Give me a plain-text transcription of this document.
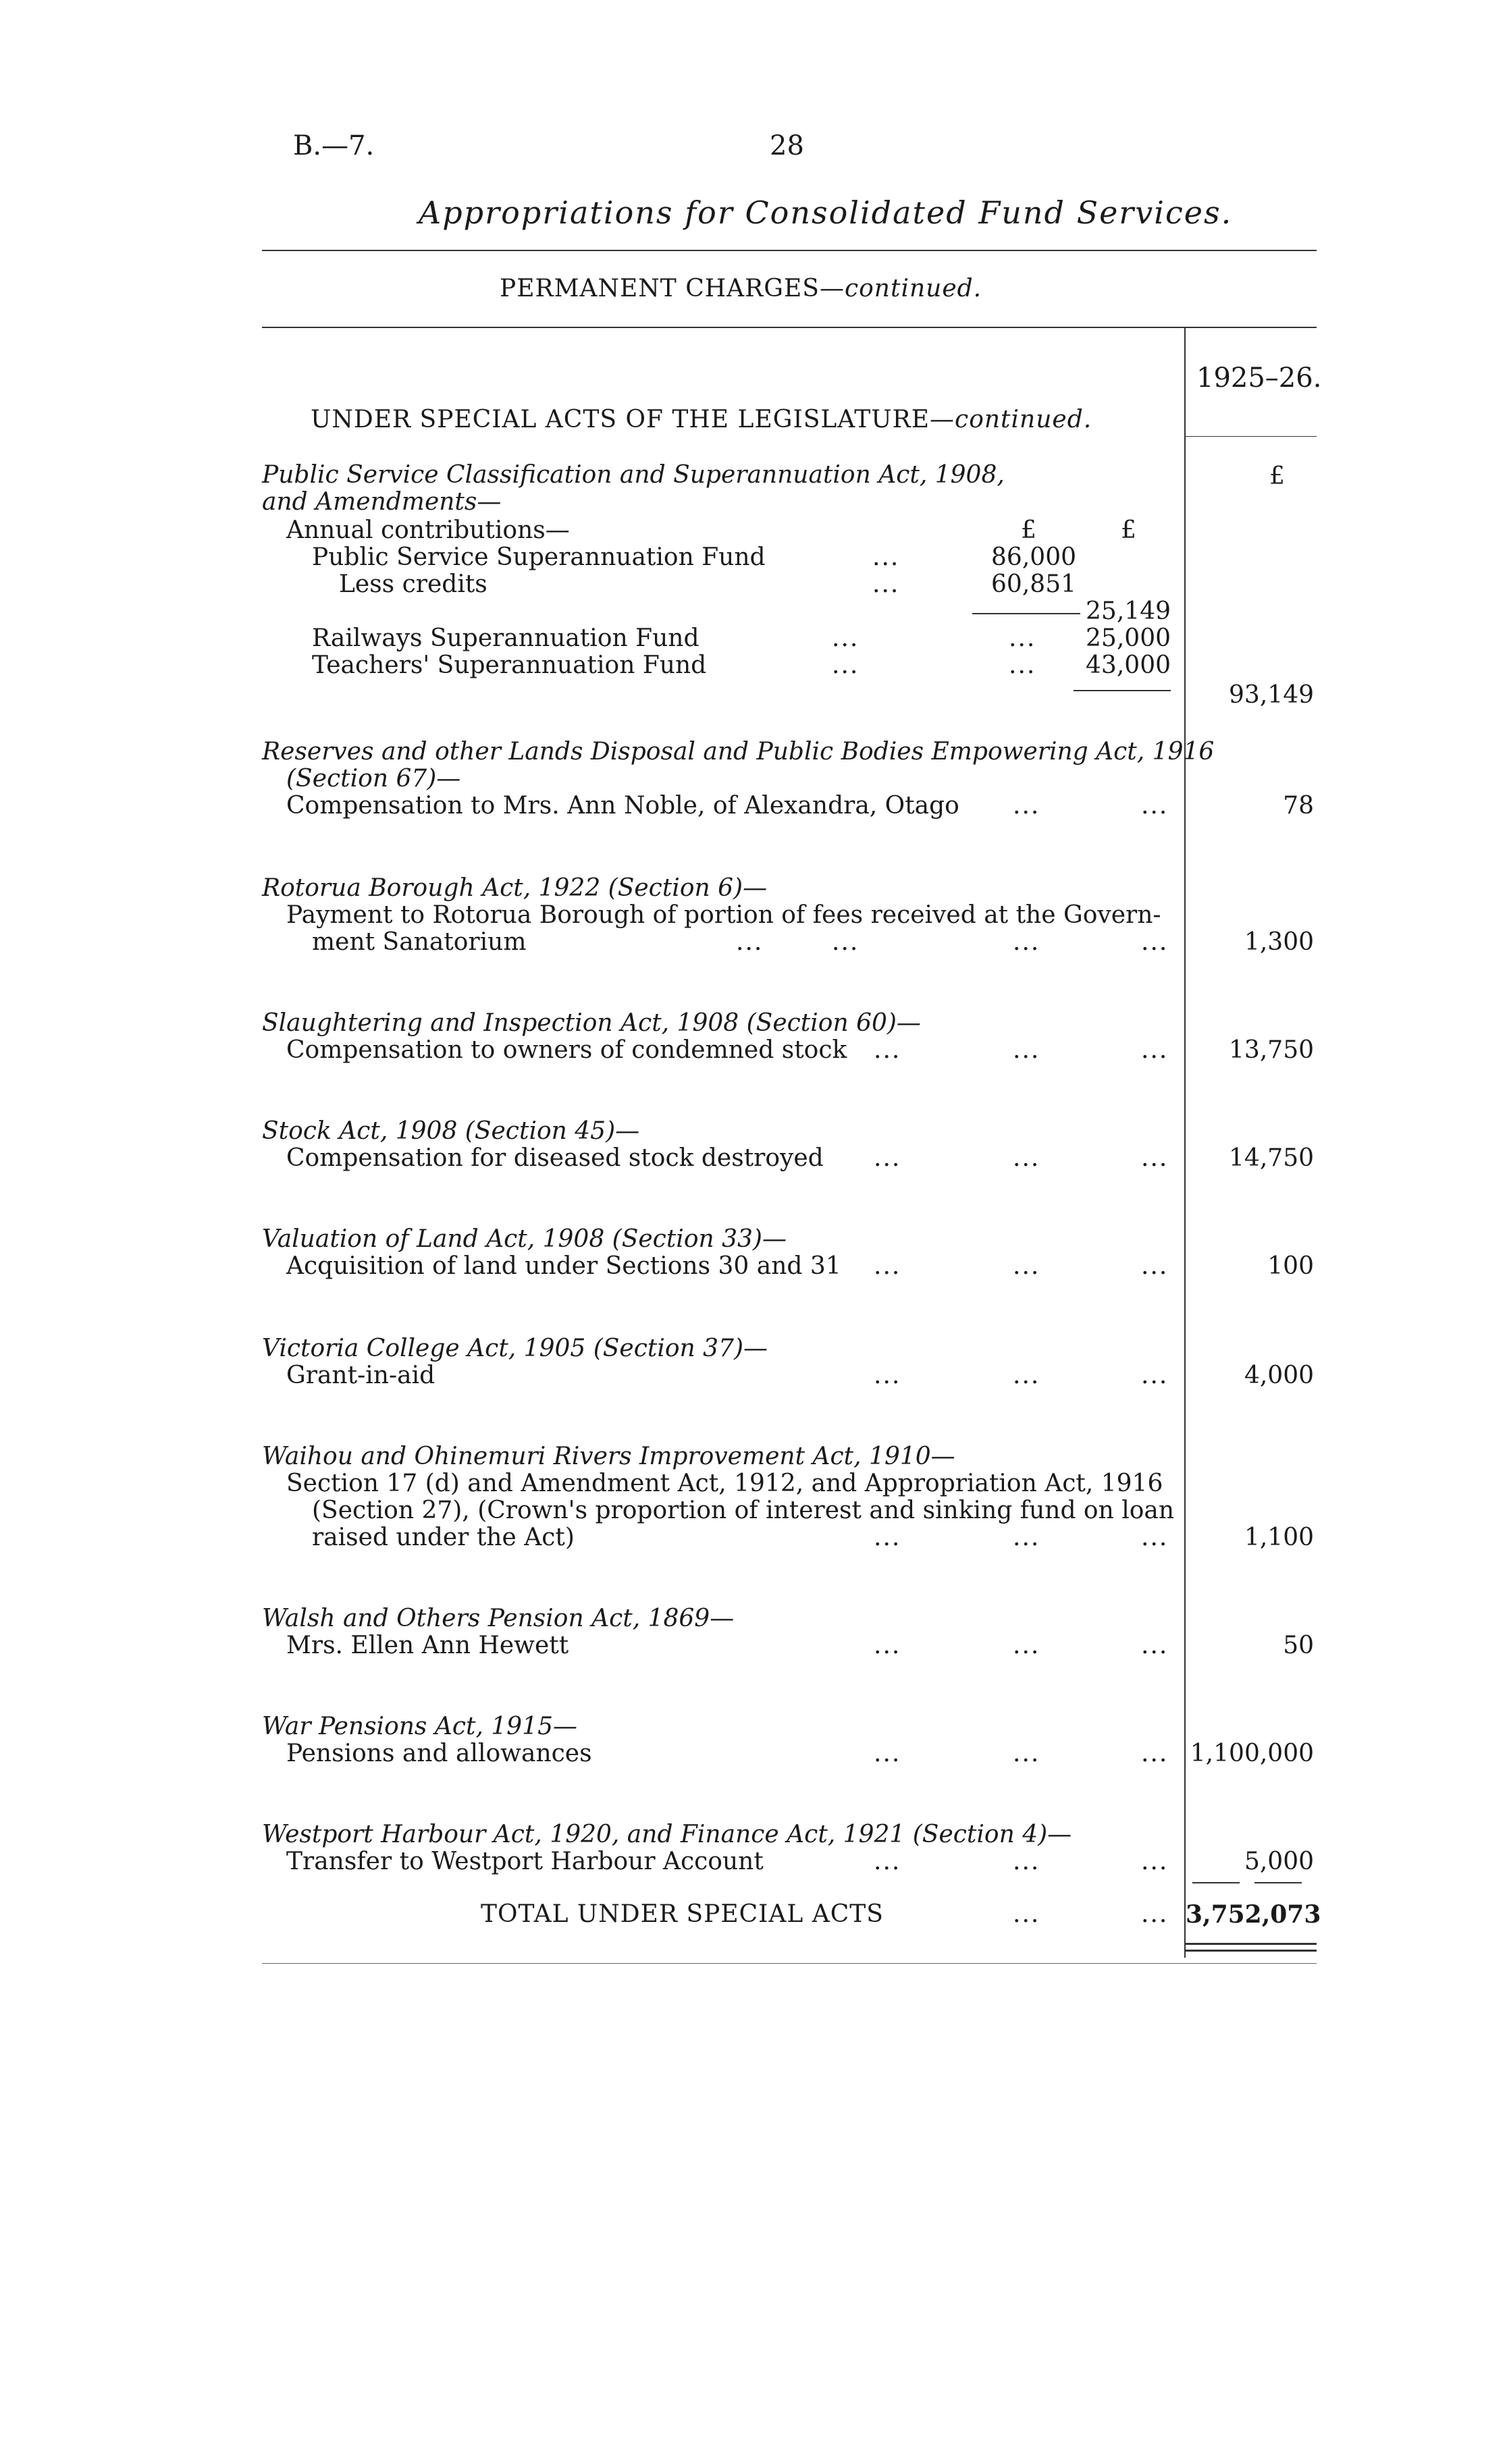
B.—7.	28
Appropriations for Consolidated Fund Services.
PERMANENT CHARGES—continued.
1925–26.
UNDER SPECIAL ACTS OF THE LEGISLATURE—continued.
Public Service Classification and Superannuation Act, 1908,
and Amendments—
£
Annual contributions—	£	£
Public Service Superannuation Fund	...	86,000
Less credits	...	60,851
25,149
Railways Superannuation Fund	...	...	25,000
Teachers' Superannuation Fund	...	...	43,000
93,149
Reserves and other Lands Disposal and Public Bodies Empowering Act, 1916
(Section 67)—
Compensation to Mrs. Ann Noble, of Alexandra, Otago ...	...	78
Rotorua Borough Act, 1922 (Section 6)—
Payment to Rotorua Borough of portion of fees received at the Govern-
ment Sanatorium	...	...	...	...	1,300
Slaughtering and Inspection Act, 1908 (Section 60)—
Compensation to owners of condemned stock ...	...	...	13,750
Stock Act, 1908 (Section 45)—
Compensation for diseased stock destroyed ...	...	...	14,750
Valuation of Land Act, 1908 (Section 33)—
Acquisition of land under Sections 30 and 31 ...	...	...	100
Victoria College Act, 1905 (Section 37)—
Grant-in-aid	...	...	...	4,000
Waihou and Ohinemuri Rivers Improvement Act, 1910—
Section 17 (d) and Amendment Act, 1912, and Appropriation Act, 1916
(Section 27), (Crown's proportion of interest and sinking fund on loan
raised under the Act)	...	...	...	1,100
Walsh and Others Pension Act, 1869—
Mrs. Ellen Ann Hewett	...	...	...	50
War Pensions Act, 1915—
Pensions and allowances	...	...	... 1,100,000
Westport Harbour Act, 1920, and Finance Act, 1921 (Section 4)—
Transfer to Westport Harbour Account	...	...	...	5,000
TOTAL UNDER SPECIAL ACTS	...	... 3,752,073
